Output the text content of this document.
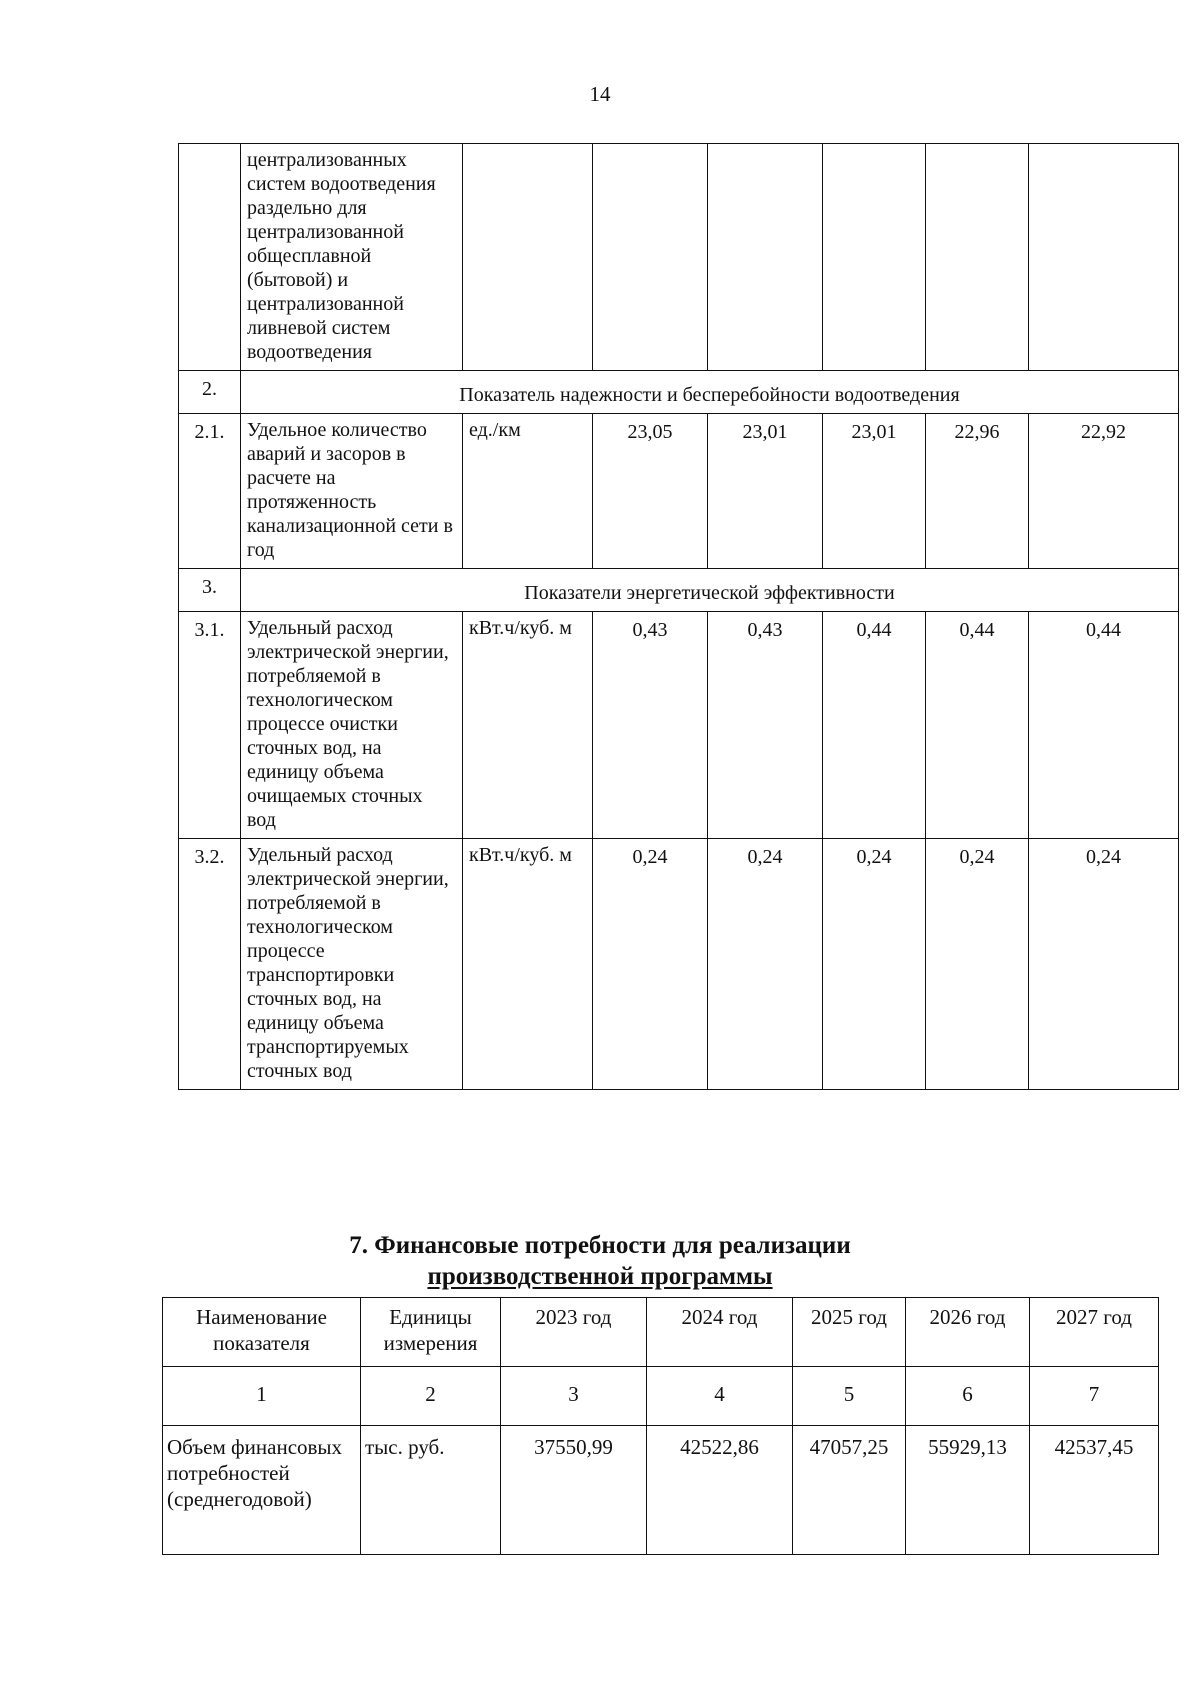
14
	централизованных систем водоотведения раздельно для централизованной общесплавной (бытовой) и централизованной ливневой систем водоотведения						
2.	Показатель надежности и бесперебойности водоотведения						
2.1.	Удельное количество аварий и засоров в расчете на протяженность канализационной сети в год	ед./км	23,05	23,01	23,01	22,96	22,92
3.	Показатели энергетической эффективности						
3.1.	Удельный расход электрической энергии, потребляемой в технологическом процессе очистки сточных вод, на единицу объема очищаемых сточных вод	кВт.ч/куб. м	0,43	0,43	0,44	0,44	0,44
3.2.	Удельный расход электрической энергии, потребляемой в технологическом процессе транспортировки сточных вод, на единицу объема транспортируемых сточных вод	кВт.ч/куб. м	0,24	0,24	0,24	0,24	0,24
7. Финансовые потребности для реализации
производственной программы
Наименование показателя	Единицы измерения	2023 год	2024 год	2025 год	2026 год	2027 год
1	2	3	4	5	6	7
Объем финансовых потребностей (среднегодовой)	тыс. руб.	37550,99	42522,86	47057,25	55929,13	42537,45
